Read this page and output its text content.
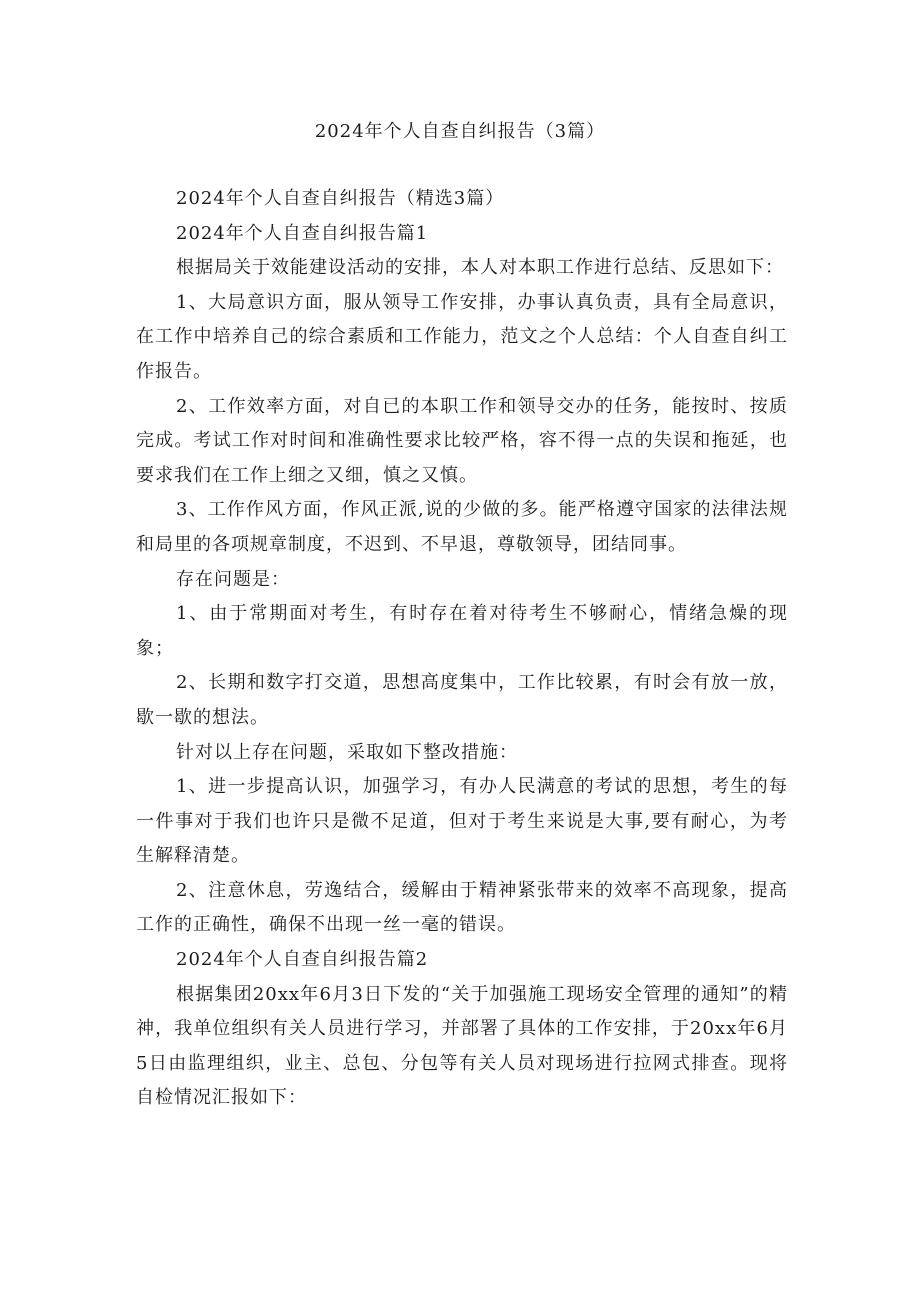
2024年个人自查自纠报告（3篇）

2024年个人自查自纠报告（精选3篇）

2024年个人自查自纠报告篇1

根据局关于效能建设活动的安排，本人对本职工作进行总结、反思如下：

1、大局意识方面，服从领导工作安排，办事认真负责，具有全局意识，在工作中培养自己的综合素质和工作能力，范文之个人总结：个人自查自纠工作报告。

2、工作效率方面，对自已的本职工作和领导交办的任务，能按时、按质完成。考试工作对时间和准确性要求比较严格，容不得一点的失误和拖延，也要求我们在工作上细之又细，慎之又慎。

3、工作作风方面，作风正派,说的少做的多。能严格遵守国家的法律法规和局里的各项规章制度，不迟到、不早退，尊敬领导，团结同事。

存在问题是：

1、由于常期面对考生，有时存在着对待考生不够耐心，情绪急燥的现象；

2、长期和数字打交道，思想高度集中，工作比较累，有时会有放一放，歇一歇的想法。

针对以上存在问题，采取如下整改措施：

1、进一步提高认识，加强学习，有办人民满意的考试的思想，考生的每一件事对于我们也许只是微不足道，但对于考生来说是大事,要有耐心，为考生解释清楚。

2、注意休息，劳逸结合，缓解由于精神紧张带来的效率不高现象，提高工作的正确性，确保不出现一丝一毫的错误。

2024年个人自查自纠报告篇2

根据集团20xx年6月3日下发的“关于加强施工现场安全管理的通知”的精神，我单位组织有关人员进行学习，并部署了具体的工作安排，于20xx年6月5日由监理组织，业主、总包、分包等有关人员对现场进行拉网式排查。现将自检情况汇报如下：
